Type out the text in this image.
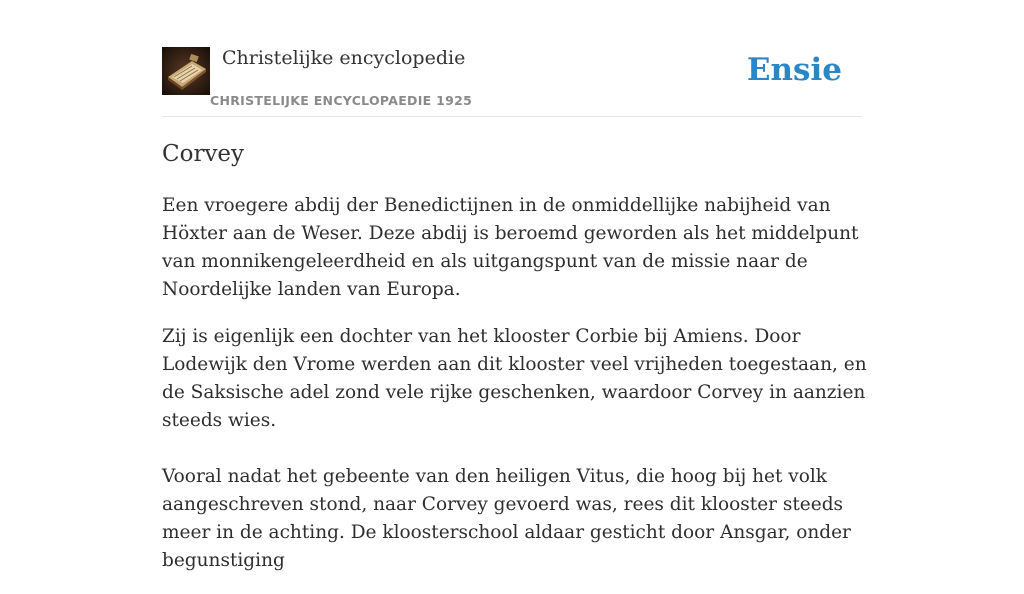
Christelijke encyclopedie
CHRISTELIJKE ENCYCLOPAEDIE 1925
Ensie
Corvey

Een vroegere abdij der Benedictijnen in de onmiddellijke nabijheid van Höxter aan de Weser. Deze abdij is beroemd geworden als het middelpunt van monnikengeleerdheid en als uitgangspunt van de missie naar de Noordelijke landen van Europa.

Zij is eigenlijk een dochter van het klooster Corbie bij Amiens. Door Lodewijk den Vrome werden aan dit klooster veel vrijheden toegestaan, en de Saksische adel zond vele rijke geschenken, waardoor Corvey in aanzien steeds wies.

Vooral nadat het gebeente van den heiligen Vitus, die hoog bij het volk aangeschreven stond, naar Corvey gevoerd was, rees dit klooster steeds meer in de achting. De kloosterschool aldaar gesticht door Ansgar, onder begunstiging
